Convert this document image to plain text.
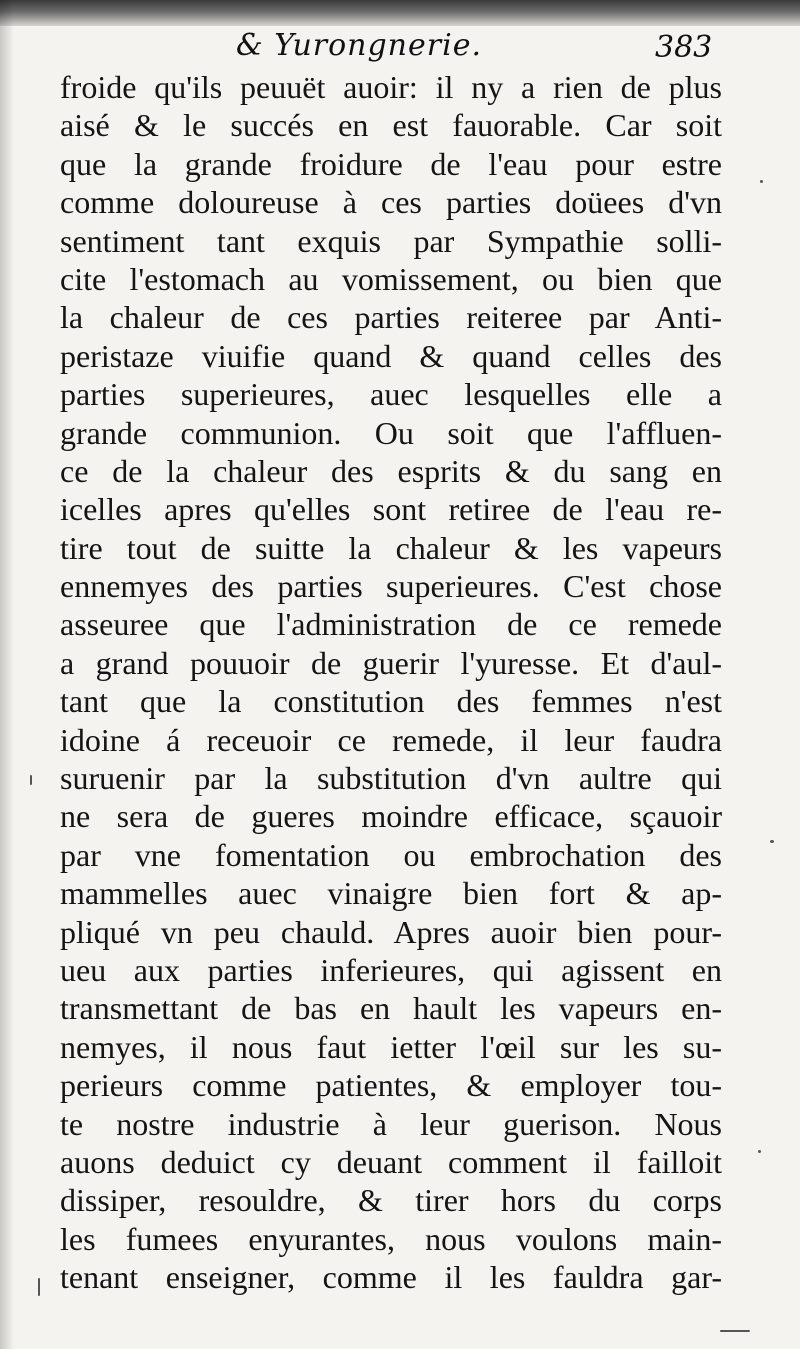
& Yurongnerie.	383
froide qu'ils peuuët auoir: il ny a rien de plus
aisé & le succés en est fauorable. Car soit
que la grande froidure de l'eau pour estre
comme doloureuse à ces parties doüees d'vn
sentiment tant exquis par Sympathie solli-
cite l'estomach au vomissement, ou bien que
la chaleur de ces parties reiteree par Anti-
peristaze viuifie quand & quand celles des
parties superieures, auec lesquelles elle a
grande communion. Ou soit que l'affluen-
ce de la chaleur des esprits & du sang en
icelles apres qu'elles sont retiree de l'eau re-
tire tout de suitte la chaleur & les vapeurs
ennemyes des parties superieures. C'est chose
asseuree que l'administration de ce remede
a grand pouuoir de guerir l'yuresse. Et d'aul-
tant que la constitution des femmes n'est
idoine á receuoir ce remede, il leur faudra
suruenir par la substitution d'vn aultre qui
ne sera de gueres moindre efficace, sçauoir
par vne fomentation ou embrochation des
mammelles auec vinaigre bien fort & ap-
pliqué vn peu chauld. Apres auoir bien pour-
ueu aux parties inferieures, qui agissent en
transmettant de bas en hault les vapeurs en-
nemyes, il nous faut ietter l'œil sur les su-
perieurs comme patientes, & employer tou-
te nostre industrie à leur guerison. Nous
auons deduict cy deuant comment il failloit
dissiper, resouldre, & tirer hors du corps
les fumees enyurantes, nous voulons main-
tenant enseigner, comme il les fauldra gar-
